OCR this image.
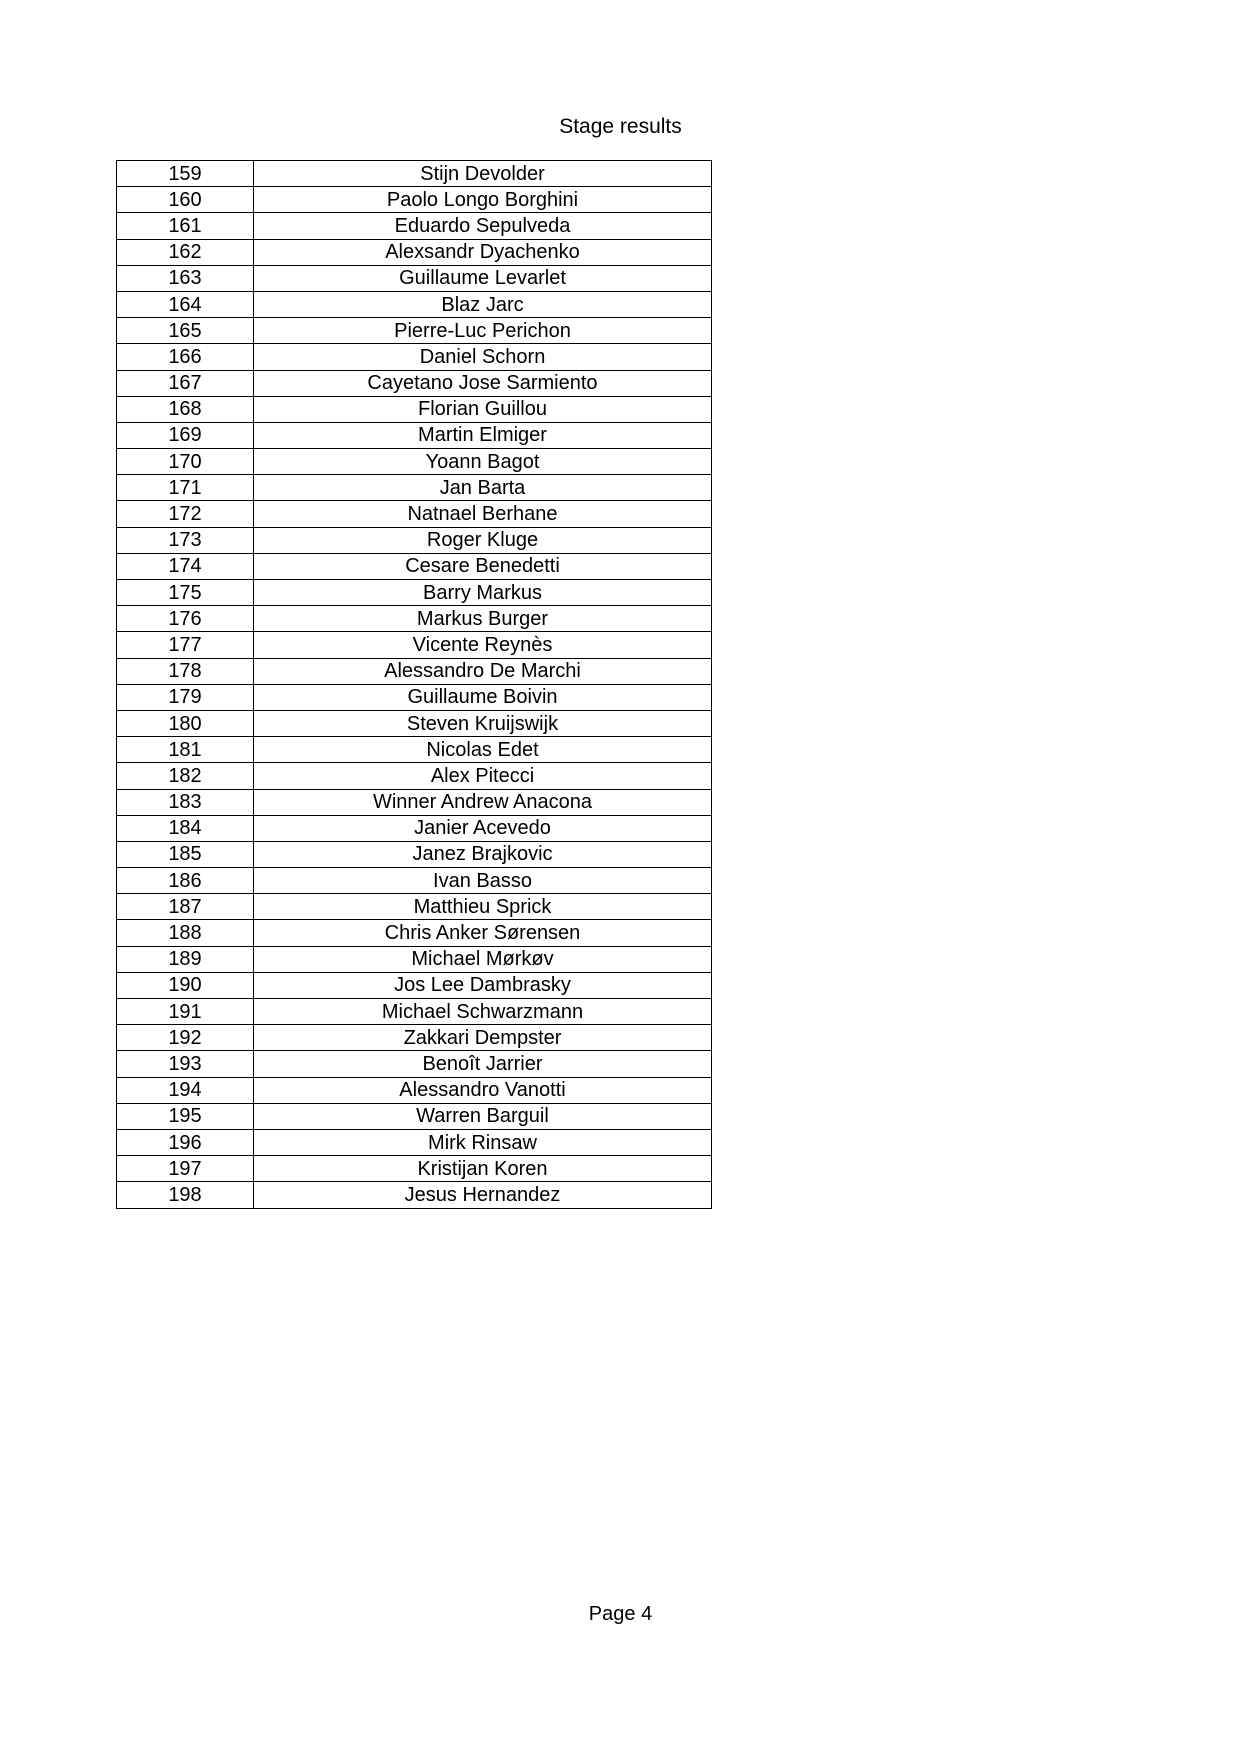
Stage results
159	Stijn Devolder
160	Paolo Longo Borghini
161	Eduardo Sepulveda
162	Alexsandr Dyachenko
163	Guillaume Levarlet
164	Blaz Jarc
165	Pierre-Luc Perichon
166	Daniel Schorn
167	Cayetano Jose Sarmiento
168	Florian Guillou
169	Martin Elmiger
170	Yoann Bagot
171	Jan Barta
172	Natnael Berhane
173	Roger Kluge
174	Cesare Benedetti
175	Barry Markus
176	Markus Burger
177	Vicente Reynès
178	Alessandro De Marchi
179	Guillaume Boivin
180	Steven Kruijswijk
181	Nicolas Edet
182	Alex Pitecci
183	Winner Andrew Anacona
184	Janier Acevedo
185	Janez Brajkovic
186	Ivan Basso
187	Matthieu Sprick
188	Chris Anker Sørensen
189	Michael Mørkøv
190	Jos Lee Dambrasky
191	Michael Schwarzmann
192	Zakkari Dempster
193	Benoît Jarrier
194	Alessandro Vanotti
195	Warren Barguil
196	Mirk Rinsaw
197	Kristijan Koren
198	Jesus Hernandez
Page 4
